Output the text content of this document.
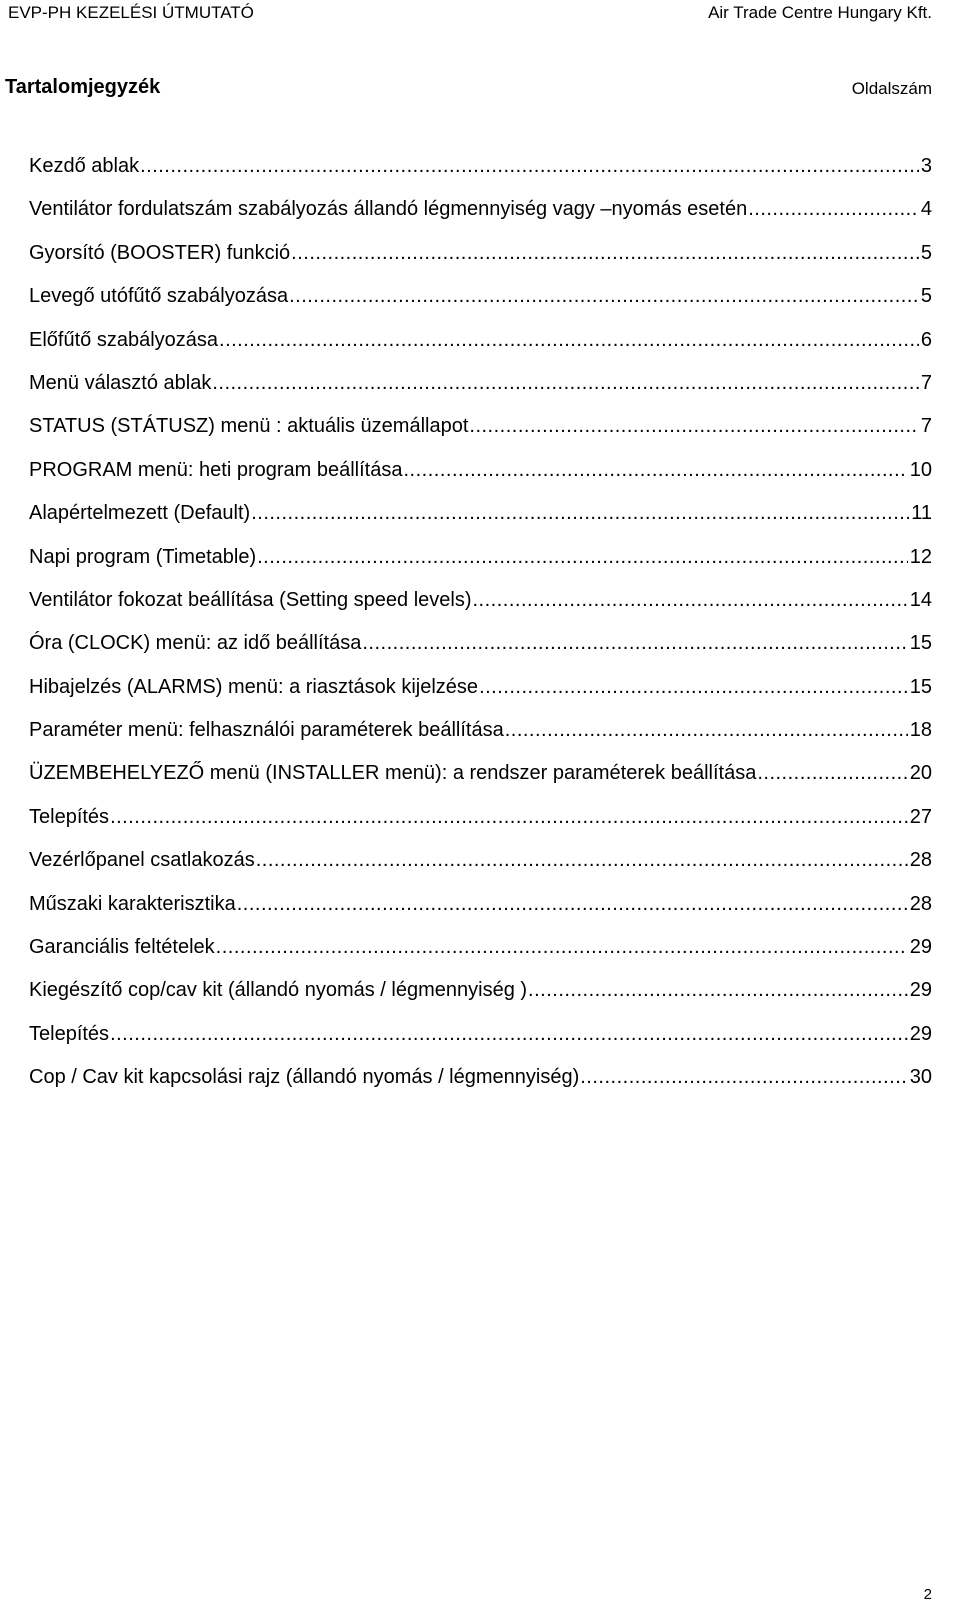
EVP-PH KEZELÉSI ÚTMUTATÓ	Air Trade Centre Hungary Kft.
Tartalomjegyzék	Oldalszám
Kezdő ablak .....	3
Ventilátor fordulatszám szabályozás állandó légmennyiség vagy –nyomás esetén .....	4
Gyorsító (BOOSTER) funkció .....	5
Levegő utófűtő szabályozása .....	5
Előfűtő szabályozása .....	6
Menü választó ablak .....	7
STATUS (STÁTUSZ) menü : aktuális üzemállapot .....	7
PROGRAM menü: heti program beállítása .....	10
Alapértelmezett (Default) .....	11
Napi program (Timetable) .....	12
Ventilátor fokozat beállítása (Setting speed levels) .....	14
Óra (CLOCK) menü: az idő beállítása .....	15
Hibajelzés (ALARMS) menü: a riasztások kijelzése .....	15
Paraméter menü: felhasználói paraméterek beállítása .....	18
ÜZEMBEHELYEZŐ menü (INSTALLER menü): a rendszer paraméterek beállítása .....	20
Telepítés .....	27
Vezérlőpanel csatlakozás .....	28
Műszaki karakterisztika .....	28
Garanciális feltételek .....	29
Kiegészítő cop/cav kit (állandó nyomás / légmennyiség ) .....	29
Telepítés .....	29
Cop / Cav kit kapcsolási rajz (állandó nyomás / légmennyiség) .....	30
2
